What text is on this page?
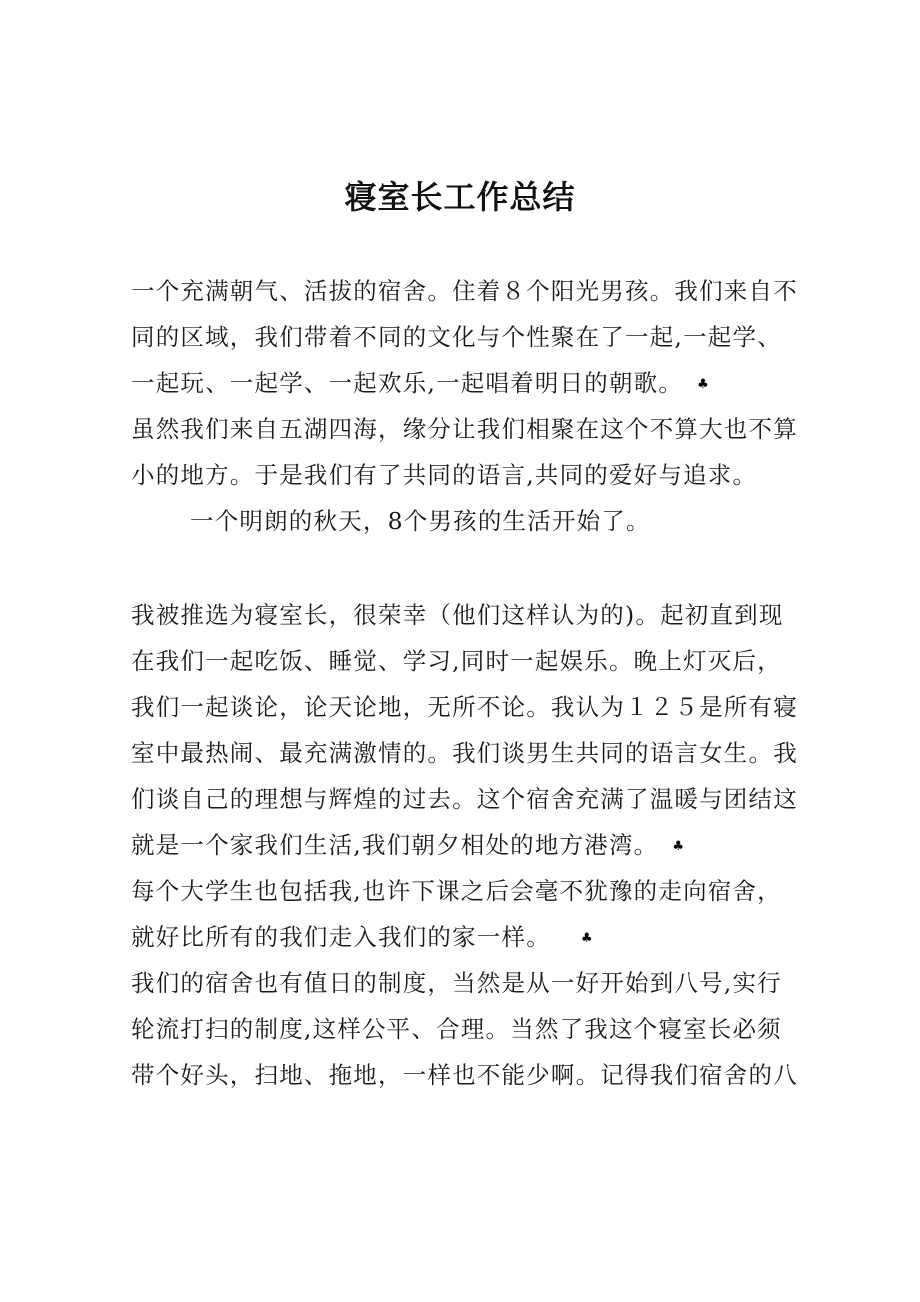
寝室长工作总结
一个充满朝气、活拔的宿舍。住着８个阳光男孩。我们来自不
同的区域，我们带着不同的文化与个性聚在了一起,一起学、
一起玩、一起学、一起欢乐,一起唱着明日的朝歌。 ♣
虽然我们来自五湖四海，缘分让我们相聚在这个不算大也不算
小的地方。于是我们有了共同的语言,共同的爱好与追求。
一个明朗的秋天，8个男孩的生活开始了。
我被推选为寝室长，很荣幸（他们这样认为的)。起初直到现
在我们一起吃饭、睡觉、学习,同时一起娱乐。晚上灯灭后，
我们一起谈论，论天论地，无所不论。我认为１２５是所有寝
室中最热闹、最充满激情的。我们谈男生共同的语言女生。我
们谈自己的理想与辉煌的过去。这个宿舍充满了温暖与团结这
就是一个家我们生活,我们朝夕相处的地方港湾。 ♣
每个大学生也包括我,也许下课之后会毫不犹豫的走向宿舍，
就好比所有的我们走入我们的家一样。 ♣
我们的宿舍也有值日的制度，当然是从一好开始到八号,实行
轮流打扫的制度,这样公平、合理。当然了我这个寝室长必须
带个好头，扫地、拖地，一样也不能少啊。记得我们宿舍的八
